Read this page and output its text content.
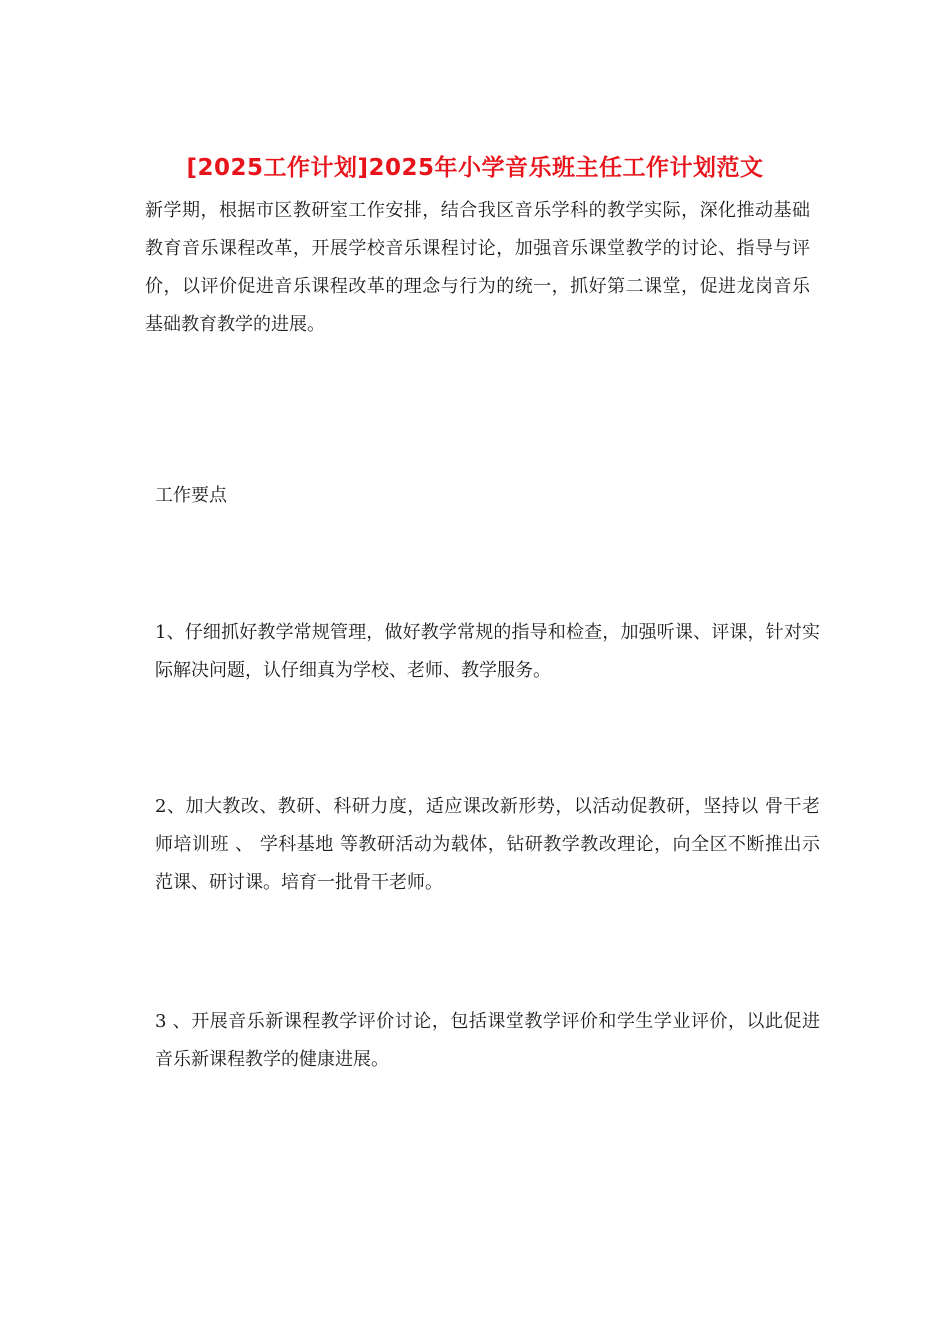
[2025工作计划]2025年小学音乐班主任工作计划范文

新学期，根据市区教研室工作安排，结合我区音乐学科的教学实际，深化推动基础教育音乐课程改革，开展学校音乐课程讨论，加强音乐课堂教学的讨论、指导与评价，以评价促进音乐课程改革的理念与行为的统一，抓好第二课堂，促进龙岗音乐基础教育教学的进展。

工作要点

1、仔细抓好教学常规管理，做好教学常规的指导和检查，加强听课、评课，针对实际解决问题，认仔细真为学校、老师、教学服务。

2、加大教改、教研、科研力度，适应课改新形势，以活动促教研，坚持以 骨干老师培训班 、 学科基地 等教研活动为载体，钻研教学教改理论，向全区不断推出示范课、研讨课。培育一批骨干老师。

3 、开展音乐新课程教学评价讨论，包括课堂教学评价和学生学业评价，以此促进音乐新课程教学的健康进展。
